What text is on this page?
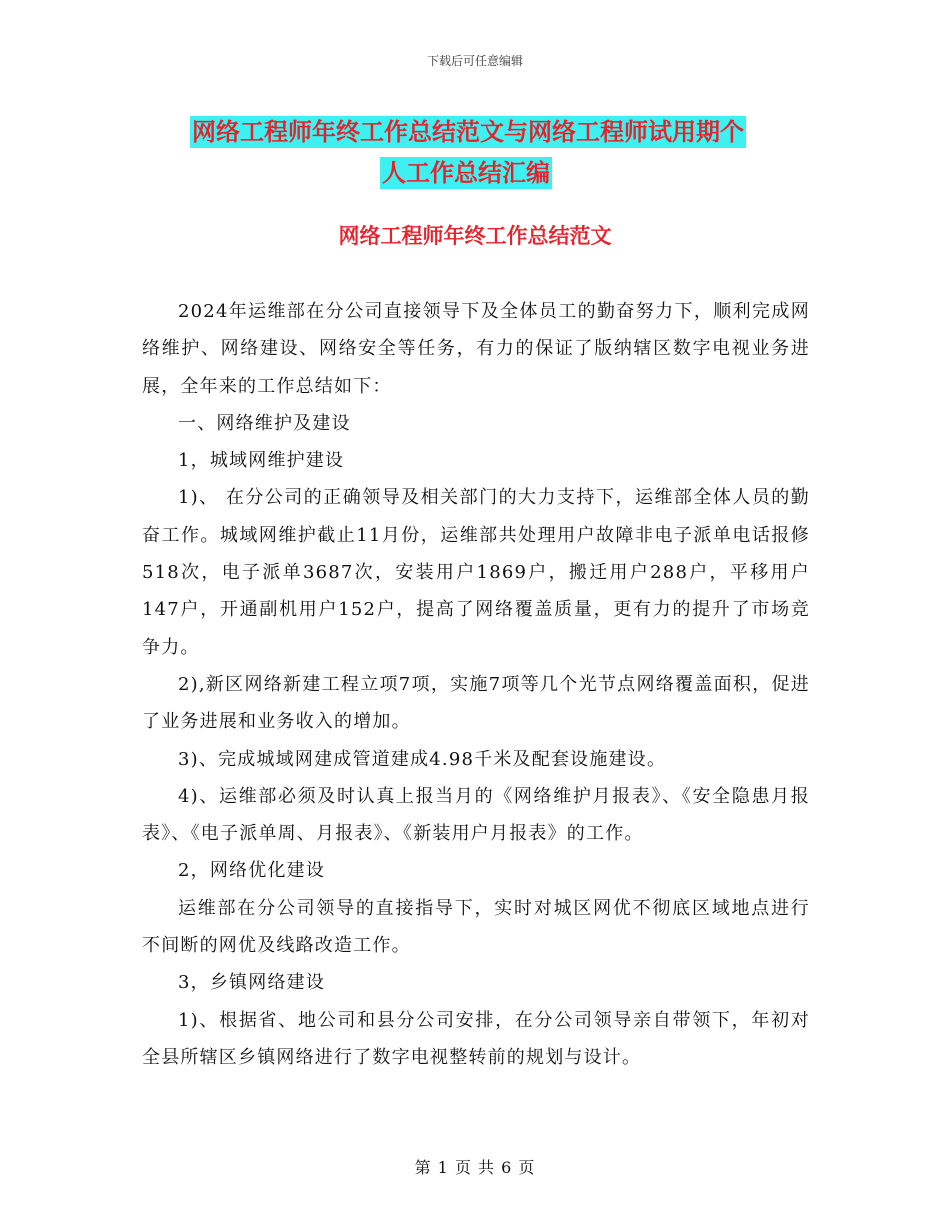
下载后可任意编辑
网络工程师年终工作总结范文与网络工程师试用期个
人工作总结汇编
网络工程师年终工作总结范文

2024年运维部在分公司直接领导下及全体员工的勤奋努力下，顺利完成网络维护、网络建设、网络安全等任务，有力的保证了版纳辖区数字电视业务进展，全年来的工作总结如下：

一、网络维护及建设

1，城域网维护建设

1)、 在分公司的正确领导及相关部门的大力支持下，运维部全体人员的勤奋工作。城域网维护截止11月份，运维部共处理用户故障非电子派单电话报修518次，电子派单3687次，安装用户1869户，搬迁用户288户，平移用户147户，开通副机用户152户，提高了网络覆盖质量，更有力的提升了市场竞争力。

2),新区网络新建工程立项7项，实施7项等几个光节点网络覆盖面积，促进了业务进展和业务收入的增加。

3)、完成城域网建成管道建成4.98千米及配套设施建设。

4)、运维部必须及时认真上报当月的《网络维护月报表》、《安全隐患月报表》、《电子派单周、月报表》、《新装用户月报表》的工作。

2，网络优化建设

运维部在分公司领导的直接指导下，实时对城区网优不彻底区域地点进行不间断的网优及线路改造工作。

3，乡镇网络建设

1)、根据省、地公司和县分公司安排，在分公司领导亲自带领下，年初对全县所辖区乡镇网络进行了数字电视整转前的规划与设计。

第 1 页 共 6 页
